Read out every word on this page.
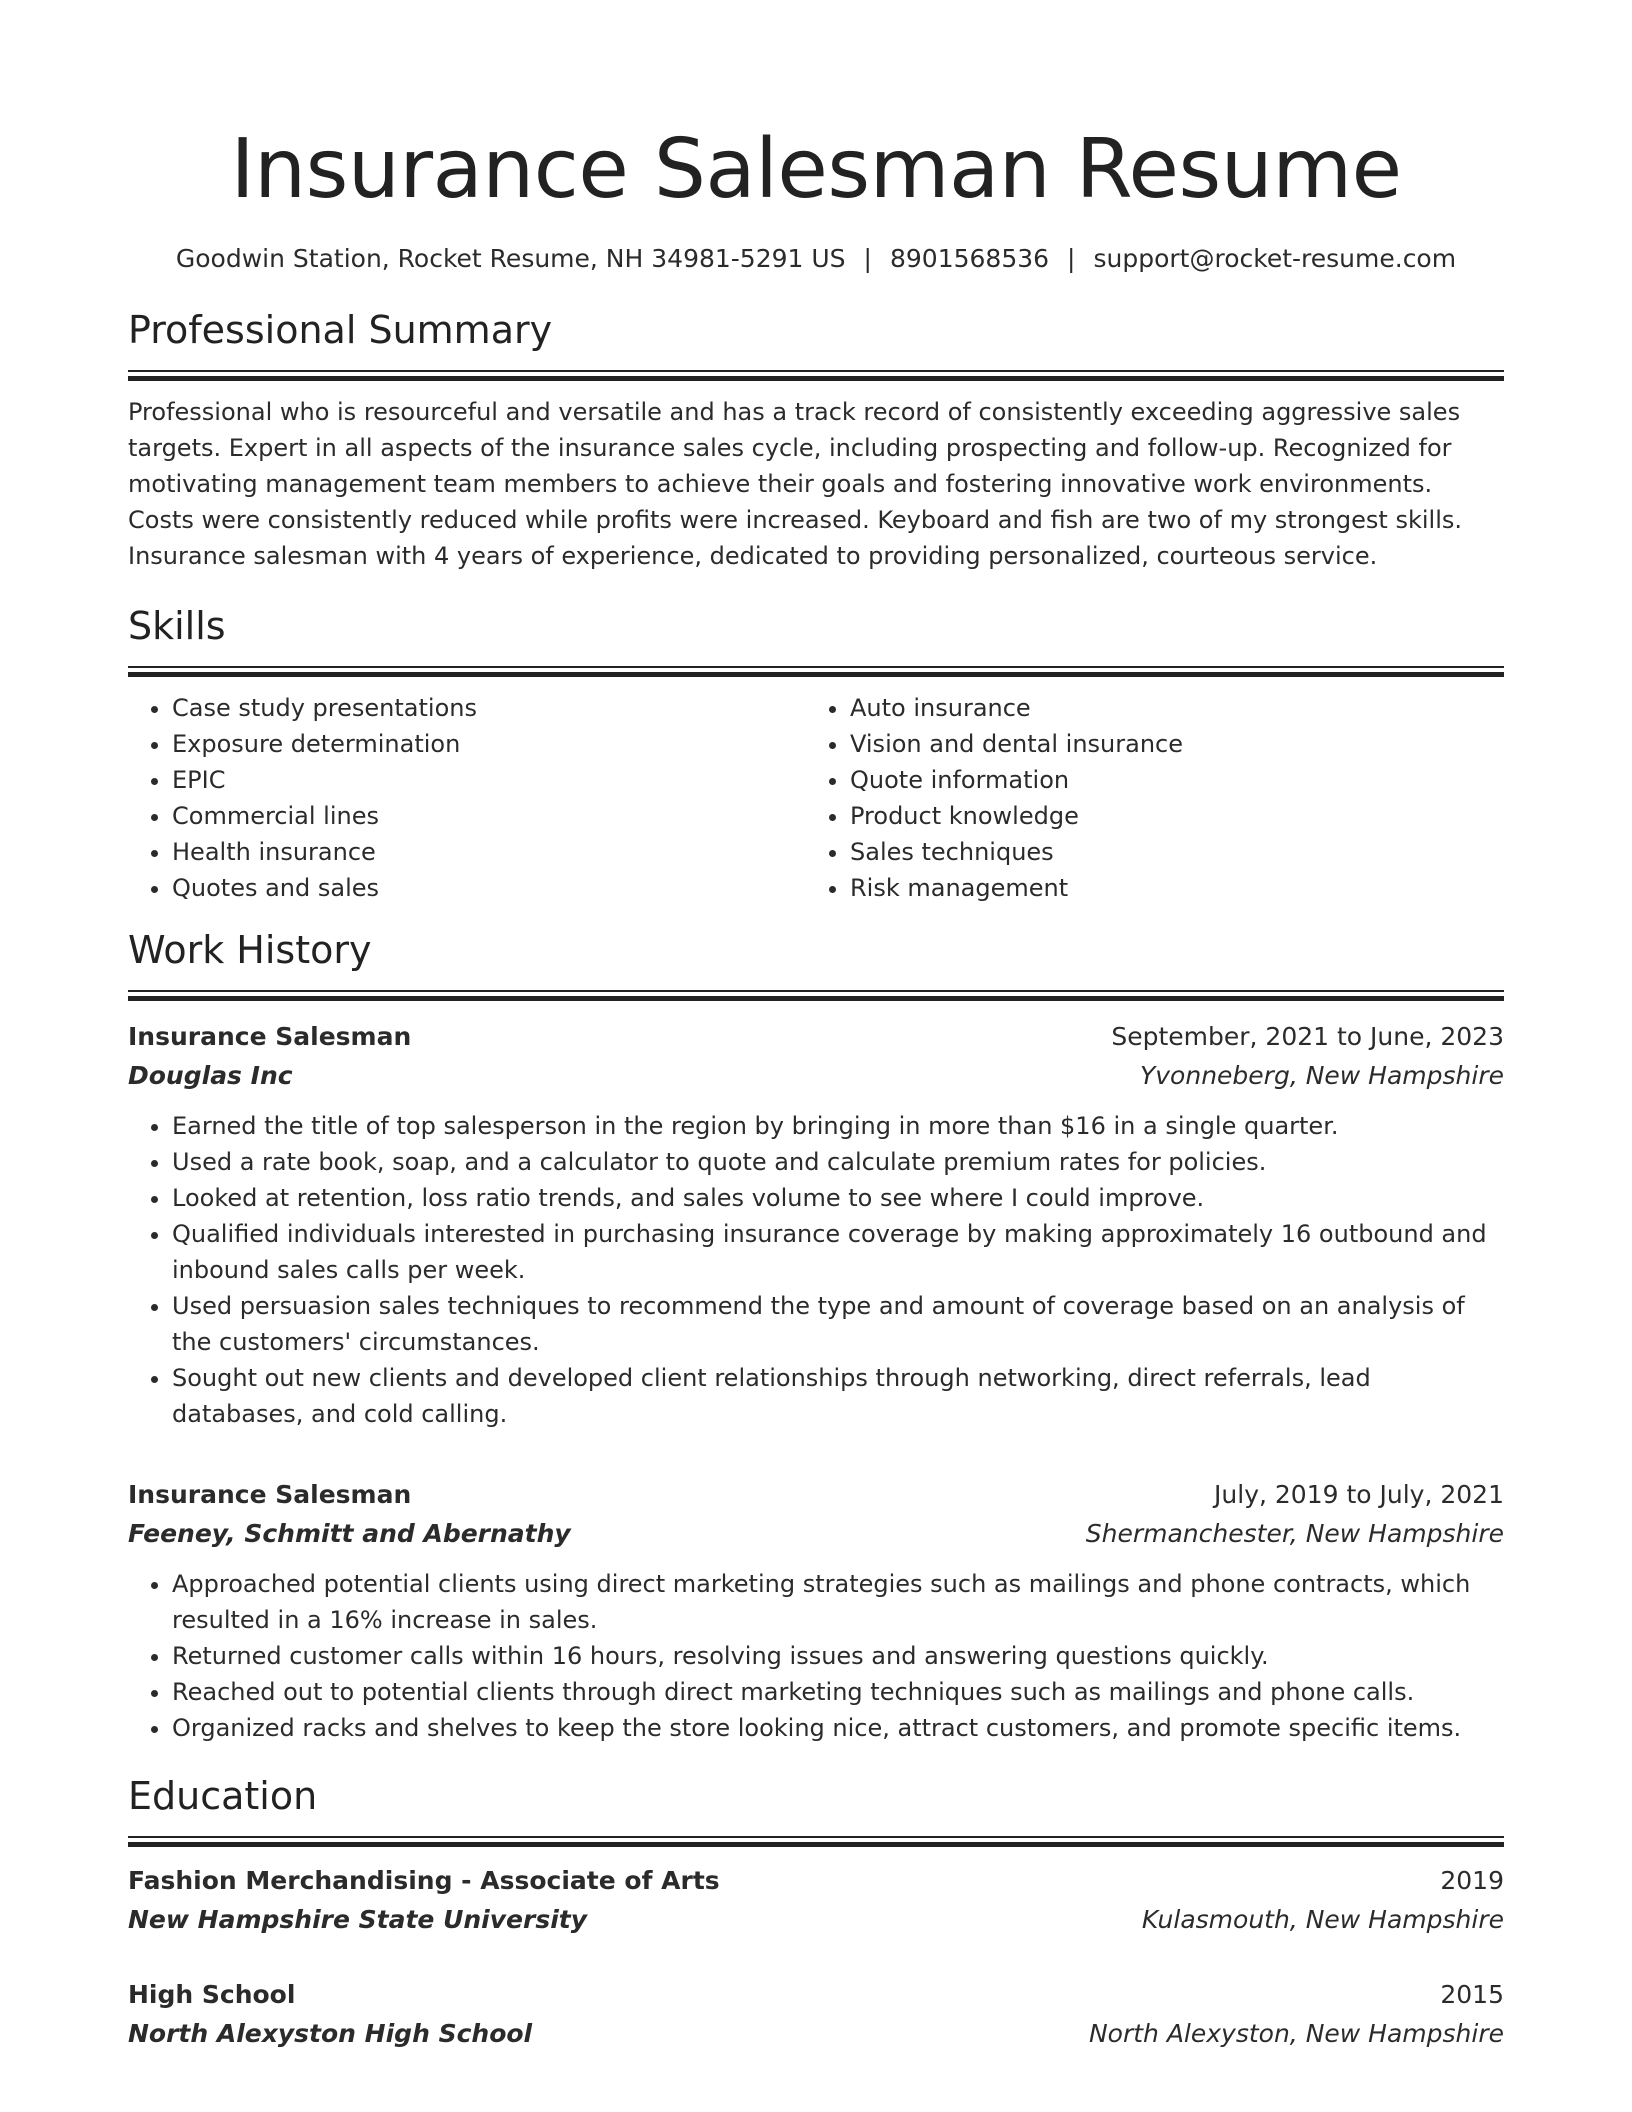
Insurance Salesman Resume
Goodwin Station, Rocket Resume, NH 34981-5291 US | 8901568536 | support@rocket-resume.com
Professional Summary

Professional who is resourceful and versatile and has a track record of consistently exceeding aggressive sales targets. Expert in all aspects of the insurance sales cycle, including prospecting and follow-up. Recognized for motivating management team members to achieve their goals and fostering innovative work environments. Costs were consistently reduced while profits were increased. Keyboard and fish are two of my strongest skills. Insurance salesman with 4 years of experience, dedicated to providing personalized, courteous service.

Skills
• Case study presentations
• Exposure determination
• EPIC
• Commercial lines
• Health insurance
• Quotes and sales
• Auto insurance
• Vision and dental insurance
• Quote information
• Product knowledge
• Sales techniques
• Risk management
Work History
Insurance Salesman	September, 2021 to June, 2023
Douglas Inc	Yvonneberg, New Hampshire
• Earned the title of top salesperson in the region by bringing in more than $16 in a single quarter.
• Used a rate book, soap, and a calculator to quote and calculate premium rates for policies.
• Looked at retention, loss ratio trends, and sales volume to see where I could improve.
• Qualified individuals interested in purchasing insurance coverage by making approximately 16 outbound and inbound sales calls per week.
• Used persuasion sales techniques to recommend the type and amount of coverage based on an analysis of the customers' circumstances.
• Sought out new clients and developed client relationships through networking, direct referrals, lead databases, and cold calling.
Insurance Salesman	July, 2019 to July, 2021
Feeney, Schmitt and Abernathy	Shermanchester, New Hampshire
• Approached potential clients using direct marketing strategies such as mailings and phone contracts, which resulted in a 16% increase in sales.
• Returned customer calls within 16 hours, resolving issues and answering questions quickly.
• Reached out to potential clients through direct marketing techniques such as mailings and phone calls.
• Organized racks and shelves to keep the store looking nice, attract customers, and promote specific items.
Education
Fashion Merchandising - Associate of Arts	2019
New Hampshire State University	Kulasmouth, New Hampshire
High School	2015
North Alexyston High School	North Alexyston, New Hampshire
